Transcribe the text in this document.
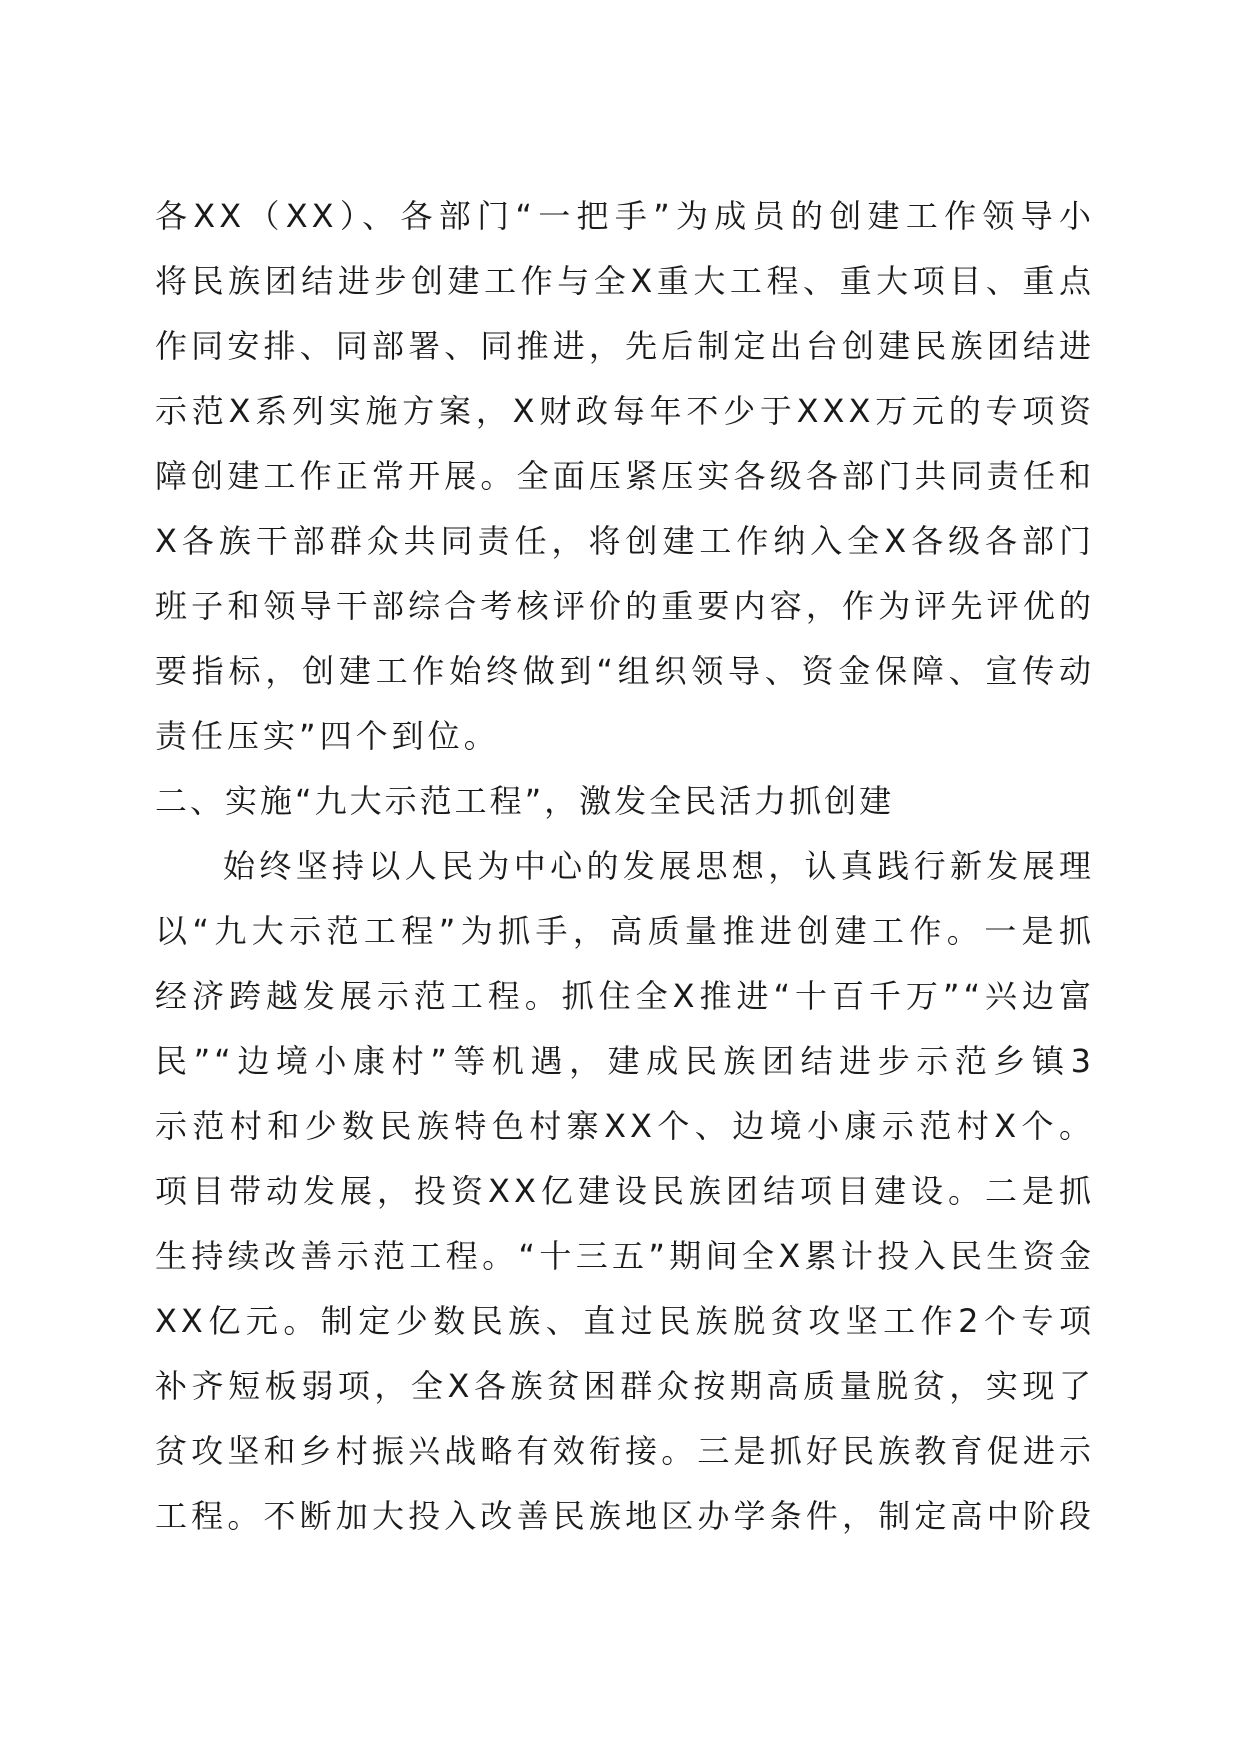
各XX（XX）、各部门“一把手”为成员的创建工作领导小
将民族团结进步创建工作与全X重大工程、重大项目、重点
作同安排、同部署、同推进，先后制定出台创建民族团结进
示范X系列实施方案，X财政每年不少于XXX万元的专项资
障创建工作正常开展。全面压紧压实各级各部门共同责任和
X各族干部群众共同责任，将创建工作纳入全X各级各部门
班子和领导干部综合考核评价的重要内容，作为评先评优的
要指标，创建工作始终做到“组织领导、资金保障、宣传动
责任压实”四个到位。
二、实施“九大示范工程”，激发全民活力抓创建
始终坚持以人民为中心的发展思想，认真践行新发展理
以“九大示范工程”为抓手，高质量推进创建工作。一是抓
经济跨越发展示范工程。抓住全X推进“十百千万”“兴边富
民”“边境小康村”等机遇，建成民族团结进步示范乡镇3
示范村和少数民族特色村寨XX个、边境小康示范村X个。
项目带动发展，投资XX亿建设民族团结项目建设。二是抓
生持续改善示范工程。“十三五”期间全X累计投入民生资金
XX亿元。制定少数民族、直过民族脱贫攻坚工作2个专项
补齐短板弱项，全X各族贫困群众按期高质量脱贫，实现了
贫攻坚和乡村振兴战略有效衔接。三是抓好民族教育促进示
工程。不断加大投入改善民族地区办学条件，制定高中阶段
